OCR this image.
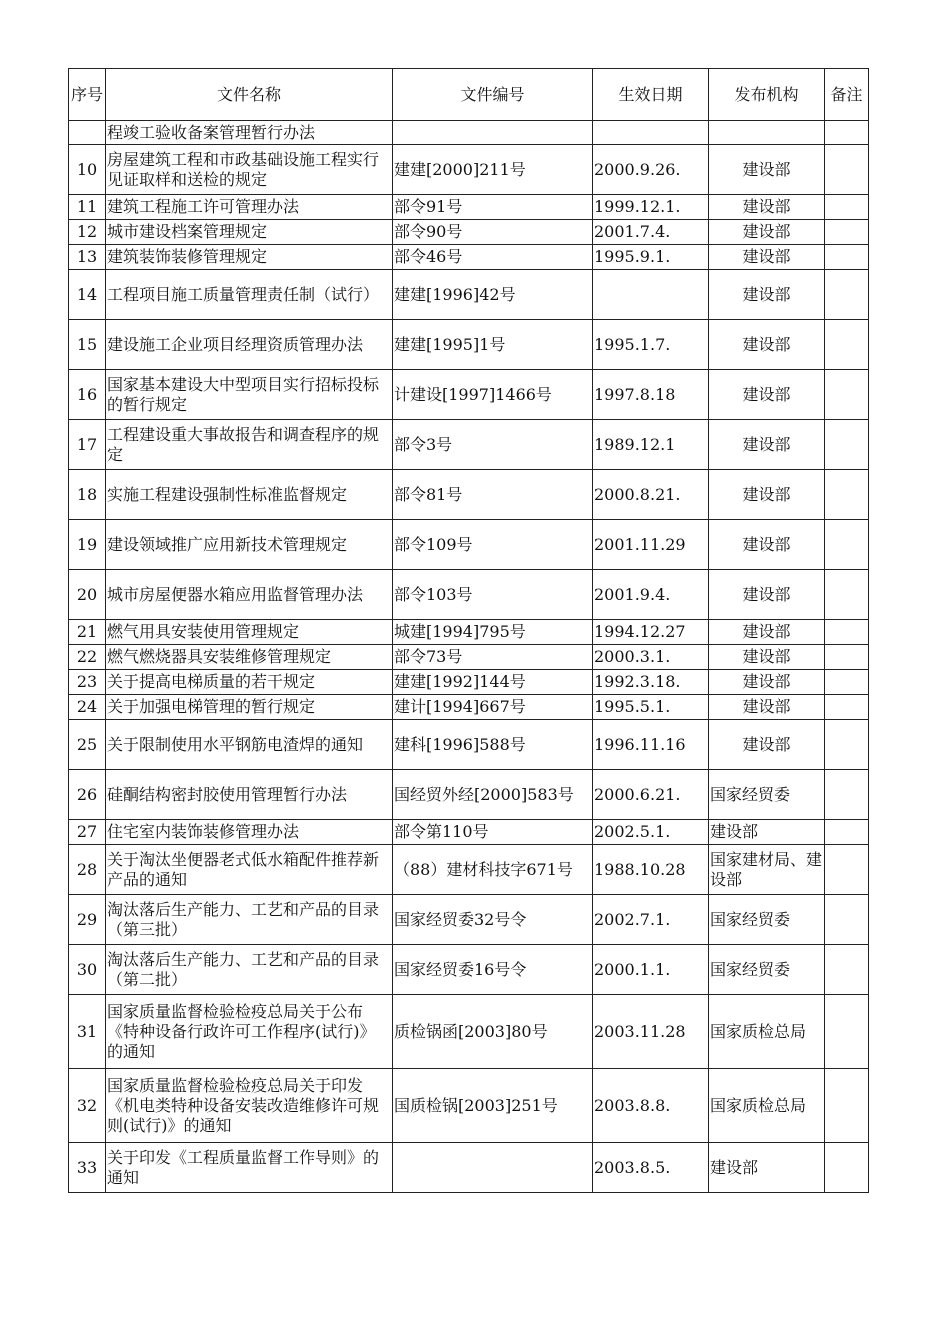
序号	文件名称	文件编号	生效日期	发布机构	备注
	程竣工验收备案管理暂行办法				
10	房屋建筑工程和市政基础设施工程实行见证取样和送检的规定	建建[2000]211号	2000.9.26.	建设部	
11	建筑工程施工许可管理办法	部令91号	1999.12.1.	建设部	
12	城市建设档案管理规定	部令90号	2001.7.4.	建设部	
13	建筑装饰装修管理规定	部令46号	1995.9.1.	建设部	
14	工程项目施工质量管理责任制（试行）	建建[1996]42号		建设部	
15	建设施工企业项目经理资质管理办法	建建[1995]1号	1995.1.7.	建设部	
16	国家基本建设大中型项目实行招标投标的暂行规定	计建设[1997]1466号	1997.8.18	建设部	
17	工程建设重大事故报告和调查程序的规定	部令3号	1989.12.1	建设部	
18	实施工程建设强制性标准监督规定	部令81号	2000.8.21.	建设部	
19	建设领域推广应用新技术管理规定	部令109号	2001.11.29	建设部	
20	城市房屋便器水箱应用监督管理办法	部令103号	2001.9.4.	建设部	
21	燃气用具安装使用管理规定	城建[1994]795号	1994.12.27	建设部	
22	燃气燃烧器具安装维修管理规定	部令73号	2000.3.1.	建设部	
23	关于提高电梯质量的若干规定	建建[1992]144号	1992.3.18.	建设部	
24	关于加强电梯管理的暂行规定	建计[1994]667号	1995.5.1.	建设部	
25	关于限制使用水平钢筋电渣焊的通知	建科[1996]588号	1996.11.16	建设部	
26	硅酮结构密封胶使用管理暂行办法	国经贸外经[2000]583号	2000.6.21.	国家经贸委	
27	住宅室内装饰装修管理办法	部令第110号	2002.5.1.	建设部	
28	关于淘汰坐便器老式低水箱配件推荐新产品的通知	（88）建材科技字671号	1988.10.28	国家建材局、建设部	
29	淘汰落后生产能力、工艺和产品的目录（第三批）	国家经贸委32号令	2002.7.1.	国家经贸委	
30	淘汰落后生产能力、工艺和产品的目录（第二批）	国家经贸委16号令	2000.1.1.	国家经贸委	
31	国家质量监督检验检疫总局关于公布《特种设备行政许可工作程序(试行)》的通知	质检锅函[2003]80号	2003.11.28	国家质检总局	
32	国家质量监督检验检疫总局关于印发《机电类特种设备安装改造维修许可规则(试行)》的通知	国质检锅[2003]251号	2003.8.8.	国家质检总局	
33	关于印发《工程质量监督工作导则》的通知		2003.8.5.	建设部	
